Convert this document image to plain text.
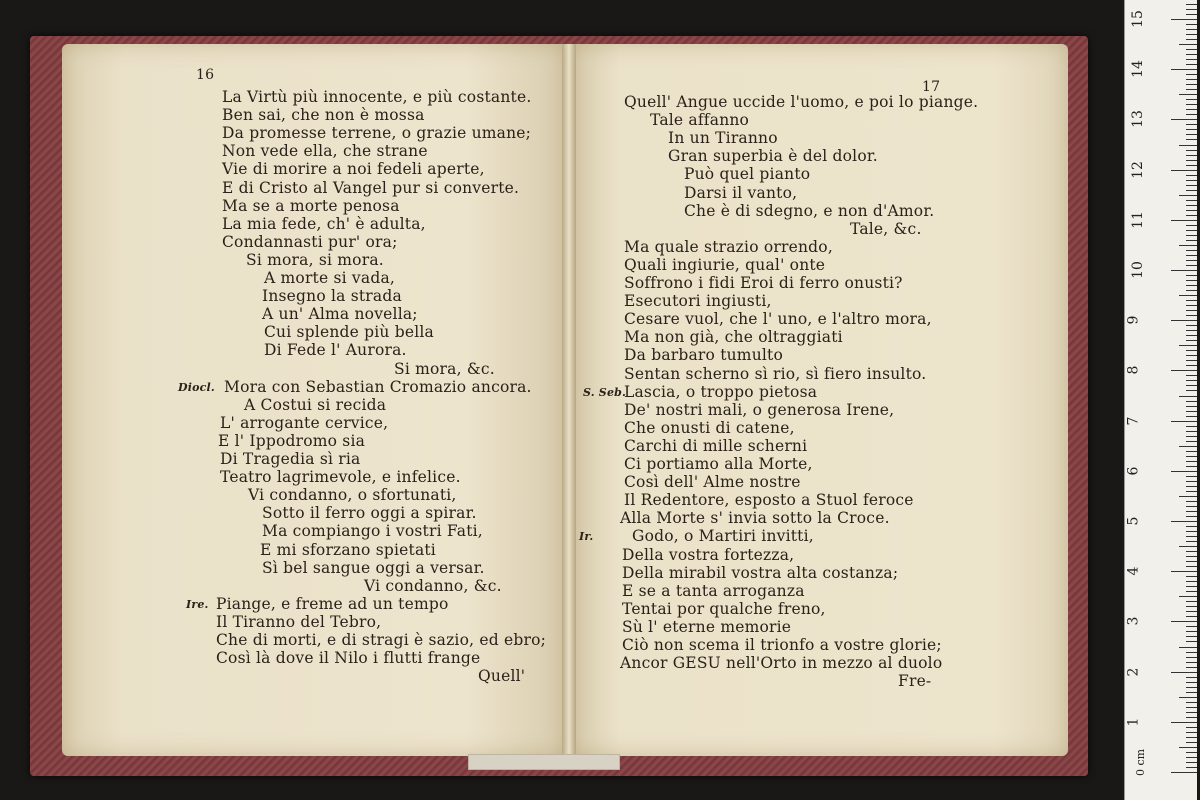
16
La Virtù più innocente, e più costante.
Ben sai, che non è mossa
Da promesse terrene, o grazie umane;
Non vede ella, che strane
Vie di morire a noi fedeli aperte,
E di Cristo al Vangel pur si converte.
Ma se a morte penosa
La mia fede, ch' è adulta,
Condannasti pur' ora;
Si mora, si mora.
A morte si vada,
Insegno la strada
A un' Alma novella;
Cui splende più bella
Di Fede l' Aurora.
Si mora, &c.
Diocl. Mora con Sebastian Cromazio ancora.
A Costui si recida
L' arrogante cervice,
E l' Ippodromo sia
Di Tragedia sì ria
Teatro lagrimevole, e infelice.
Vi condanno, o sfortunati,
Sotto il ferro oggi a spirar.
Ma compiango i vostri Fati,
E mi sforzano spietati
Sì bel sangue oggi a versar.
Vi condanno, &c.
Ire. Piange, e freme ad un tempo
Il Tiranno del Tebro,
Che di morti, e di stragi è sazio, ed ebro;
Così là dove il Nilo i flutti frange
Quell'
17
Quell' Angue uccide l'uomo, e poi lo piange.
Tale affanno
In un Tiranno
Gran superbia è del dolor.
Può quel pianto
Darsi il vanto,
Che è di sdegno, e non d'Amor.
Tale, &c.
Ma quale strazio orrendo,
Quali ingiurie, qual' onte
Soffrono i fidi Eroi di ferro onusti?
Esecutori ingiusti,
Cesare vuol, che l' uno, e l'altro mora,
Ma non già, che oltraggiati
Da barbaro tumulto
Sentan scherno sì rio, sì fiero insulto.
S. Seb.
Lascia, o troppo pietosa
De' nostri mali, o generosa Irene,
Che onusti di catene,
Carchi di mille scherni
Ci portiamo alla Morte,
Così dell' Alme nostre
Il Redentore, esposto a Stuol feroce
Alla Morte s' invia sotto la Croce.
Ir. Godo, o Martiri invitti,
Della vostra fortezza,
Della mirabil vostra alta costanza;
E se a tanta arroganza
Tentai por qualche freno,
Sù l' eterne memorie
Ciò non scema il trionfo a vostre glorie;
Ancor GESU nell'Orto in mezzo al duolo
Fre-
0 cm
1
2
3
4
5
6
7
8
9
10
11
12
13
14
15
